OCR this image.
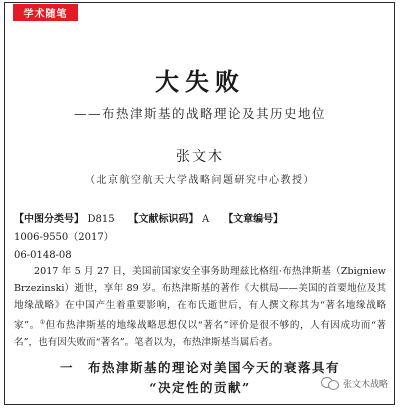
学术随笔
大失败
——布热津斯基的战略理论及其历史地位
张文木
（北京航空航天大学战略问题研究中心教授）
【中图分类号】 D815 【文献标识码】 A 【文章编号】 1006-9550（2017）
06-0148-08
2017 年 5 月 27 日，美国前国家安全事务助理兹比格纽·布热津斯基（Zbigniew Brzezinski）逝世，享年 89 岁。布热津斯基的著作《大棋局——美国的首要地位及其地缘战略》在中国产生着重要影响，在布氏逝世后，有人撰文称其为“著名地缘战略家”。①但布热津斯基的地缘战略思想仅以“著名”评价是很不够的，人有因成功而“著名”，也有因失败而“著名”。笔者以为，布热津斯基当属后者。
一　布热津斯基的理论对美国今天的衰落具有
“决定性的贡献”	张文木战略
